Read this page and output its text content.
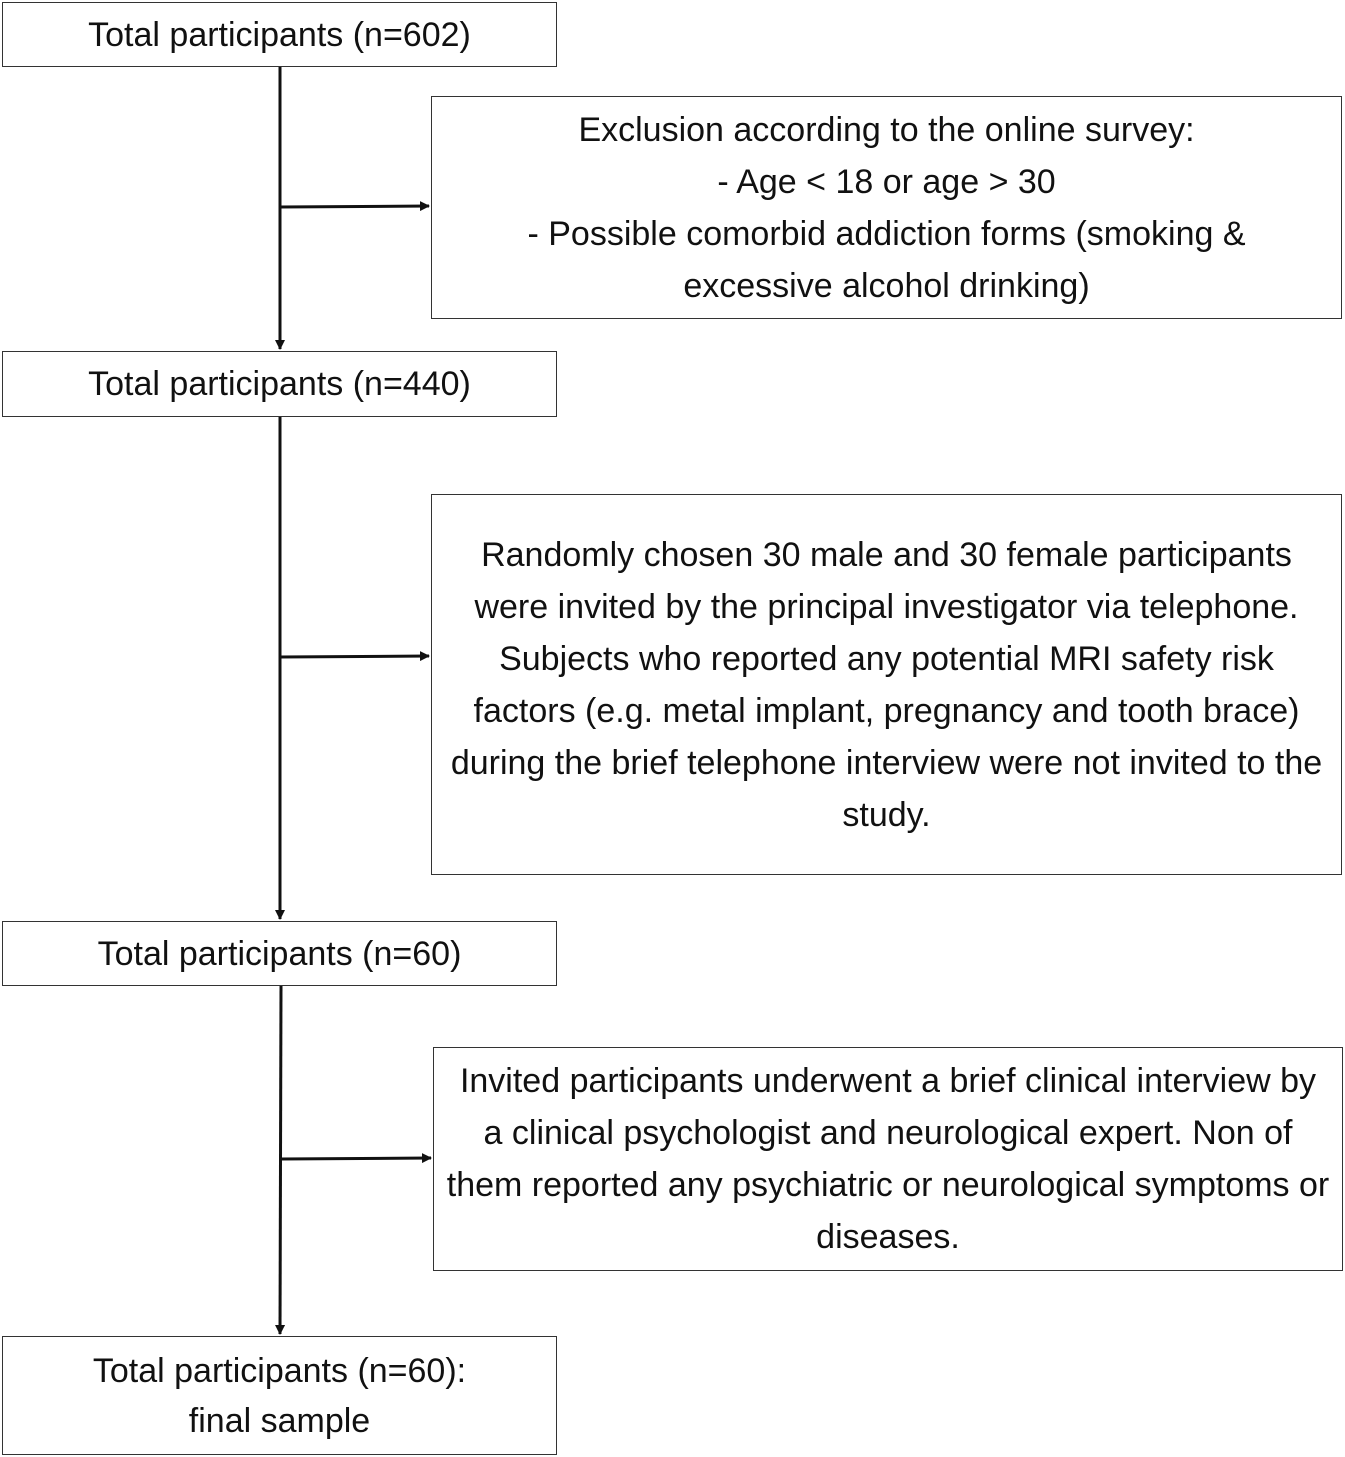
Total participants (n=602)
Exclusion according to the online survey:
- Age < 18 or age > 30
- Possible comorbid addiction forms (smoking &
excessive alcohol drinking)
Total participants (n=440)

Randomly chosen 30 male and 30 female participants were invited by the principal investigator via telephone. Subjects who reported any potential MRI safety risk factors (e.g. metal implant, pregnancy and tooth brace) during the brief telephone interview were not invited to the study.

Total participants (n=60)

Invited participants underwent a brief clinical interview by a clinical psychologist and neurological expert. Non of them reported any psychiatric or neurological symptoms or diseases.

Total participants (n=60):
final sample
